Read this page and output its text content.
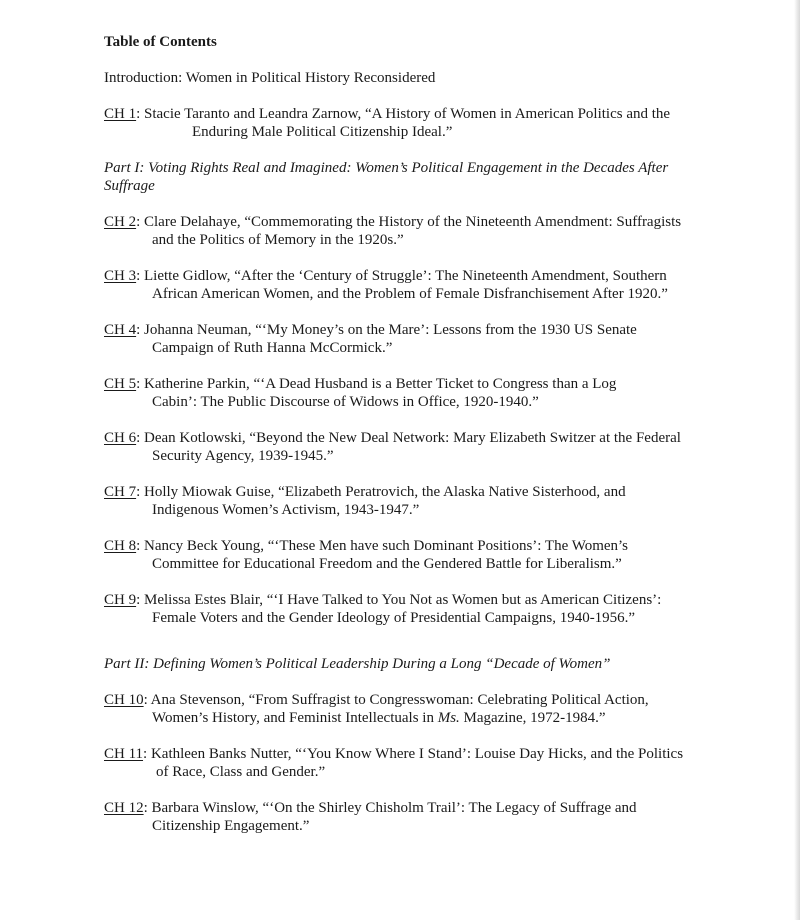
Table of Contents
Introduction: Women in Political History Reconsidered
CH 1: Stacie Taranto and Leandra Zarnow, “A History of Women in American Politics and the
Enduring Male Political Citizenship Ideal.”
Part I: Voting Rights Real and Imagined: Women’s Political Engagement in the Decades After
Suffrage
CH 2: Clare Delahaye, “Commemorating the History of the Nineteenth Amendment: Suffragists
and the Politics of Memory in the 1920s.”
CH 3: Liette Gidlow, “After the ‘Century of Struggle’: The Nineteenth Amendment, Southern
African American Women, and the Problem of Female Disfranchisement After 1920.”
CH 4: Johanna Neuman, “‘My Money’s on the Mare’: Lessons from the 1930 US Senate
Campaign of Ruth Hanna McCormick.”
CH 5: Katherine Parkin, “‘A Dead Husband is a Better Ticket to Congress than a Log
Cabin’: The Public Discourse of Widows in Office, 1920-1940.”
CH 6: Dean Kotlowski, “Beyond the New Deal Network: Mary Elizabeth Switzer at the Federal
Security Agency, 1939-1945.”
CH 7: Holly Miowak Guise, “Elizabeth Peratrovich, the Alaska Native Sisterhood, and
Indigenous Women’s Activism, 1943-1947.”
CH 8: Nancy Beck Young, “‘These Men have such Dominant Positions’: The Women’s
Committee for Educational Freedom and the Gendered Battle for Liberalism.”
CH 9: Melissa Estes Blair, “‘I Have Talked to You Not as Women but as American Citizens’:
Female Voters and the Gender Ideology of Presidential Campaigns, 1940-1956.”
Part II: Defining Women’s Political Leadership During a Long “Decade of Women”
CH 10: Ana Stevenson, “From Suffragist to Congresswoman: Celebrating Political Action,
Women’s History, and Feminist Intellectuals in Ms. Magazine, 1972-1984.”
CH 11: Kathleen Banks Nutter, “‘You Know Where I Stand’: Louise Day Hicks, and the Politics
of Race, Class and Gender.”
CH 12: Barbara Winslow, “‘On the Shirley Chisholm Trail’: The Legacy of Suffrage and
Citizenship Engagement.”
